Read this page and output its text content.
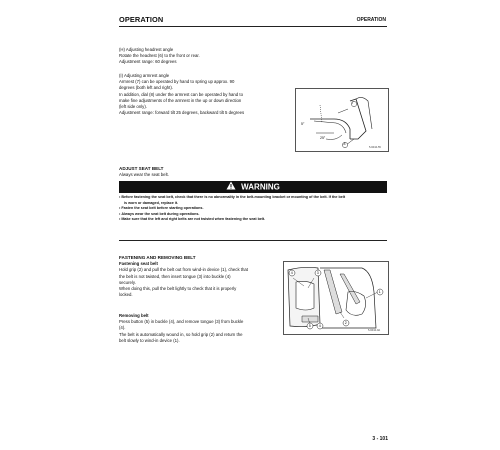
OPERATION	OPERATION

(H) Adjusting headrest angle

Rotate the headrest (6) to the front or rear.

Adjustment range: 60 degrees

(I) Adjusting armrest angle

Armrest (7) can be operated by hand to spring up approx. 90

degrees (both left and right).

In addition, dial (8) under the armrest can be operated by hand to

make fine adjustments of the armrest in the up or down direction

(left side only).

Adjustment range: forward tilt 25 degrees, backward tilt 5 degrees

7
8
5°
25°
5-9044-55
ADJUST SEAT BELT
Always wear the seat belt.
WARNING

• Before fastening the seat belt, check that there is no abnormality in the belt-mounting bracket or mounting of the belt. If the belt

is worn or damaged, replace it.

• Fasten the seat belt before starting operations.

• Always wear the seat belt during operations.

• Make sure that the left and right belts are not twisted when fastening the seat belt.

FASTENING AND REMOVING BELT
Fastening seat belt

Hold grip (2) and pull the belt out from wind-in device (1), check that

the belt is not twisted, then insert tongue (3) into buckle (4)

securely.

When doing this, pull the belt lightly to check that it is properly

locked.

Removing belt

Press button (5) in buckle (4), and remove tongue (3) from buckle

(4).

The belt is automatically wound in, so hold grip (2) and return the

belt slowly to wind-in device (1).

4	3
1
5 4
2
5-9044-9A
3 - 101
